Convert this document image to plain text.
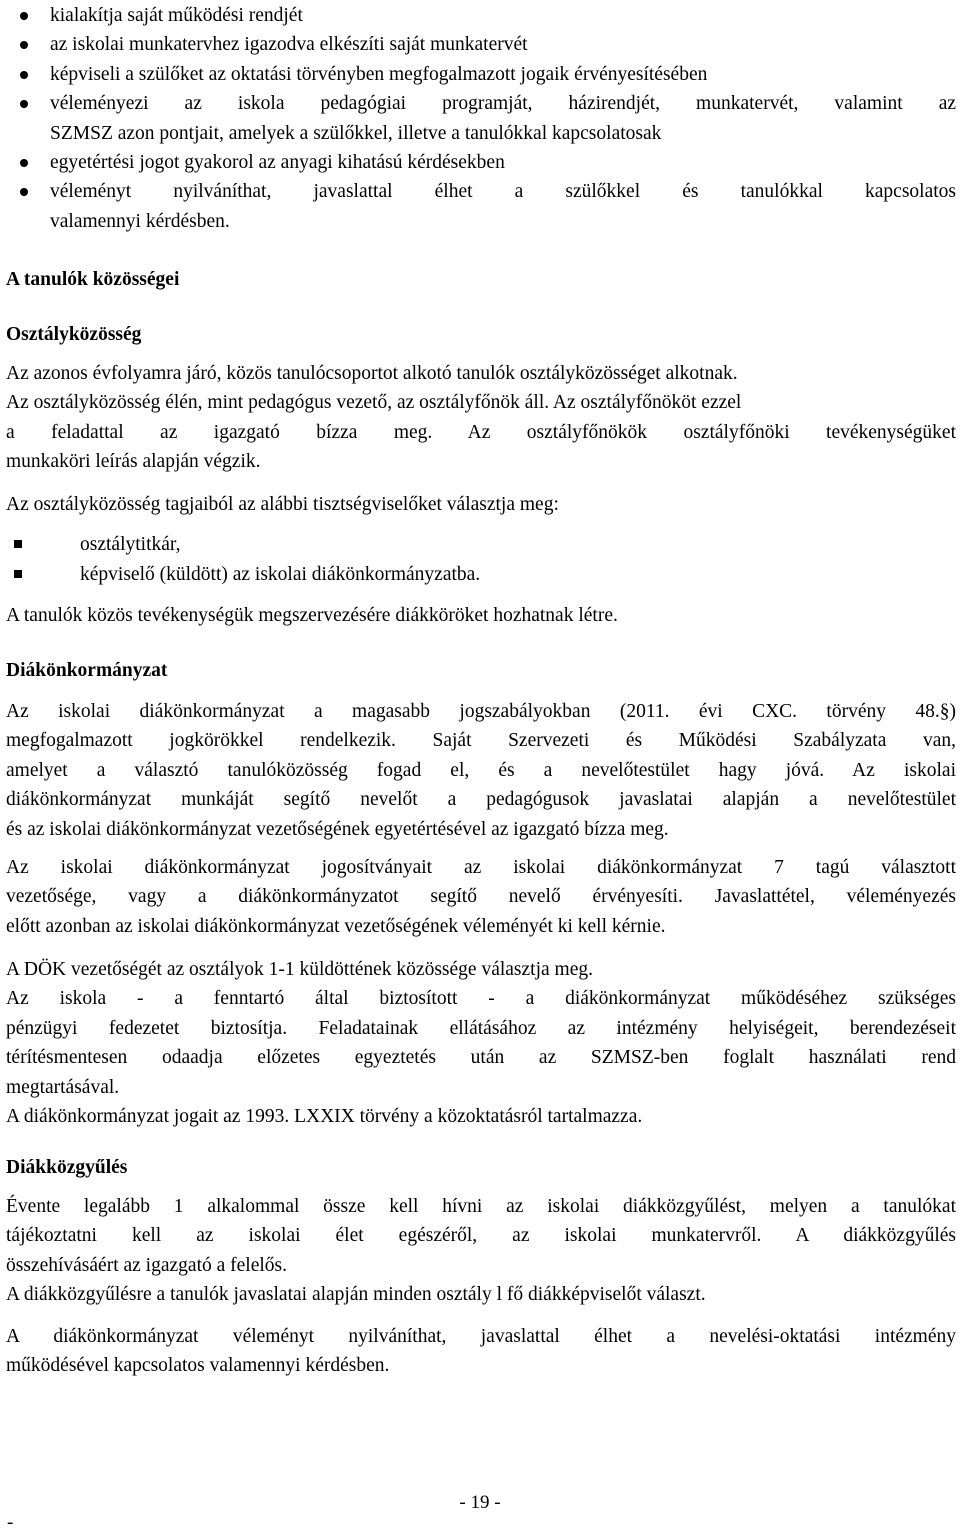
kialakítja saját működési rendjét
az iskolai munkatervhez igazodva elkészíti saját munkatervét
képviseli a szülőket az oktatási törvényben megfogalmazott jogaik érvényesítésében
véleményezi az iskola pedagógiai programját, házirendjét, munkatervét, valamint az
SZMSZ azon pontjait, amelyek a szülőkkel, illetve a tanulókkal kapcsolatosak
egyetértési jogot gyakorol az anyagi kihatású kérdésekben
véleményt nyilváníthat, javaslattal élhet a szülőkkel és tanulókkal kapcsolatos
valamennyi kérdésben.
A tanulók közösségei
Osztályközösség
Az azonos évfolyamra járó, közös tanulócsoportot alkotó tanulók osztályközösséget alkotnak.
Az osztályközösség élén, mint pedagógus vezető, az osztályfőnök áll. Az osztályfőnököt ezzel

a feladattal az igazgató bízza meg. Az osztályfőnökök osztályfőnöki tevékenységüket
munkaköri leírás alapján végzik.
Az osztályközösség tagjaiból az alábbi tisztségviselőket választja meg:
osztálytitkár,
képviselő (küldött) az iskolai diákönkormányzatba.
A tanulók közös tevékenységük megszervezésére diákköröket hozhatnak létre.
Diákönkormányzat
Az iskolai diákönkormányzat a magasabb jogszabályokban (2011. évi CXC. törvény 48.§)
megfogalmazott jogkörökkel rendelkezik. Saját Szervezeti és Működési Szabályzata van,
amelyet a választó tanulóközösség fogad el, és a nevelőtestület hagy jóvá. Az iskolai
diákönkormányzat munkáját segítő nevelőt a pedagógusok javaslatai alapján a nevelőtestület
és az iskolai diákönkormányzat vezetőségének egyetértésével az igazgató bízza meg.
Az iskolai diákönkormányzat jogosítványait az iskolai diákönkormányzat 7 tagú választott
vezetősége, vagy a diákönkormányzatot segítő nevelő érvényesíti. Javaslattétel, véleményezés
előtt azonban az iskolai diákönkormányzat vezetőségének véleményét ki kell kérnie.
A DÖK vezetőségét az osztályok 1-1 küldöttének közössége választja meg.

Az iskola - a fenntartó által biztosított - a diákönkormányzat működéséhez szükséges
pénzügyi fedezetet biztosítja. Feladatainak ellátásához az intézmény helyiségeit, berendezéseit
térítésmentesen odaadja előzetes egyeztetés után az SZMSZ-ben foglalt használati rend
megtartásával.
A diákönkormányzat jogait az 1993. LXXIX törvény a közoktatásról tartalmazza.
Diákközgyűlés
Évente legalább 1 alkalommal össze kell hívni az iskolai diákközgyűlést, melyen a tanulókat
tájékoztatni kell az iskolai élet egészéről, az iskolai munkatervről. A diákközgyűlés
összehívásáért az igazgató a felelős.
A diákközgyűlésre a tanulók javaslatai alapján minden osztály l fő diákképviselőt választ.
A diákönkormányzat véleményt nyilváníthat, javaslattal élhet a nevelési-oktatási intézmény
működésével kapcsolatos valamennyi kérdésben.
- 19 -
-
